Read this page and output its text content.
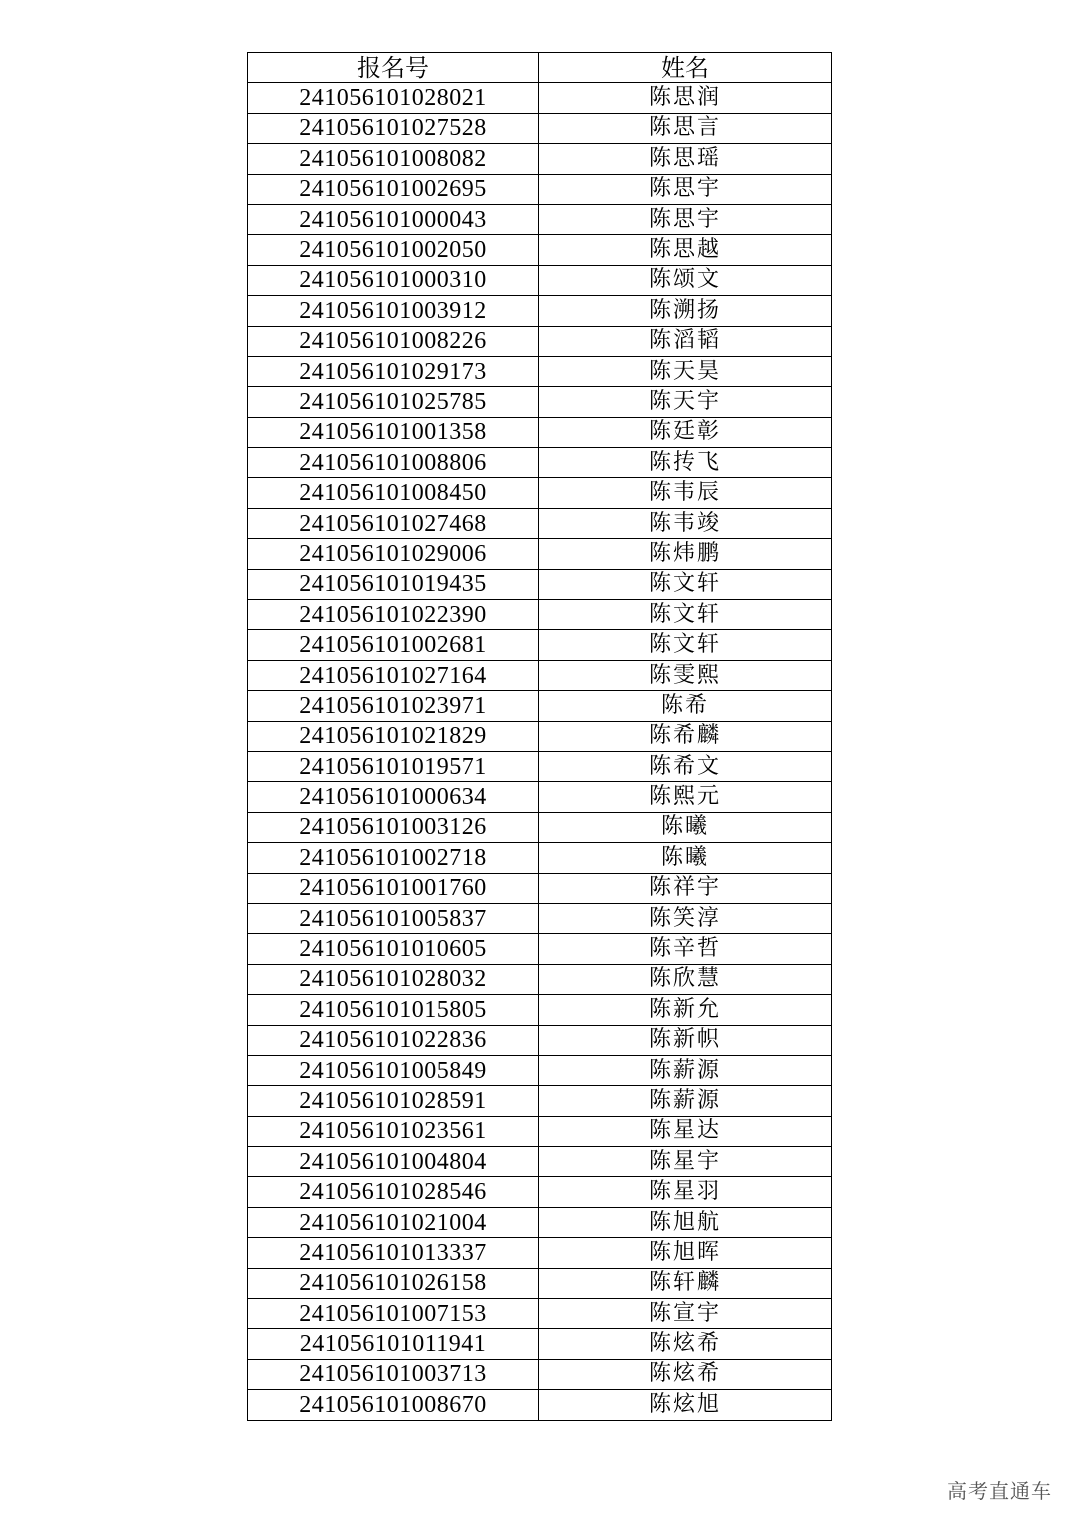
报名号	姓名
241056101028021	陈思润
241056101027528	陈思言
241056101008082	陈思瑶
241056101002695	陈思宇
241056101000043	陈思宇
241056101002050	陈思越
241056101000310	陈颂文
241056101003912	陈溯扬
241056101008226	陈滔韬
241056101029173	陈天昊
241056101025785	陈天宇
241056101001358	陈廷彰
241056101008806	陈抟飞
241056101008450	陈韦辰
241056101027468	陈韦竣
241056101029006	陈炜鹏
241056101019435	陈文轩
241056101022390	陈文轩
241056101002681	陈文轩
241056101027164	陈雯熙
241056101023971	陈希
241056101021829	陈希麟
241056101019571	陈希文
241056101000634	陈熙元
241056101003126	陈曦
241056101002718	陈曦
241056101001760	陈祥宇
241056101005837	陈笑淳
241056101010605	陈辛哲
241056101028032	陈欣慧
241056101015805	陈新允
241056101022836	陈新帜
241056101005849	陈薪源
241056101028591	陈薪源
241056101023561	陈星达
241056101004804	陈星宇
241056101028546	陈星羽
241056101021004	陈旭航
241056101013337	陈旭晖
241056101026158	陈轩麟
241056101007153	陈宣宇
241056101011941	陈炫希
241056101003713	陈炫希
241056101008670	陈炫旭
高考直通车
